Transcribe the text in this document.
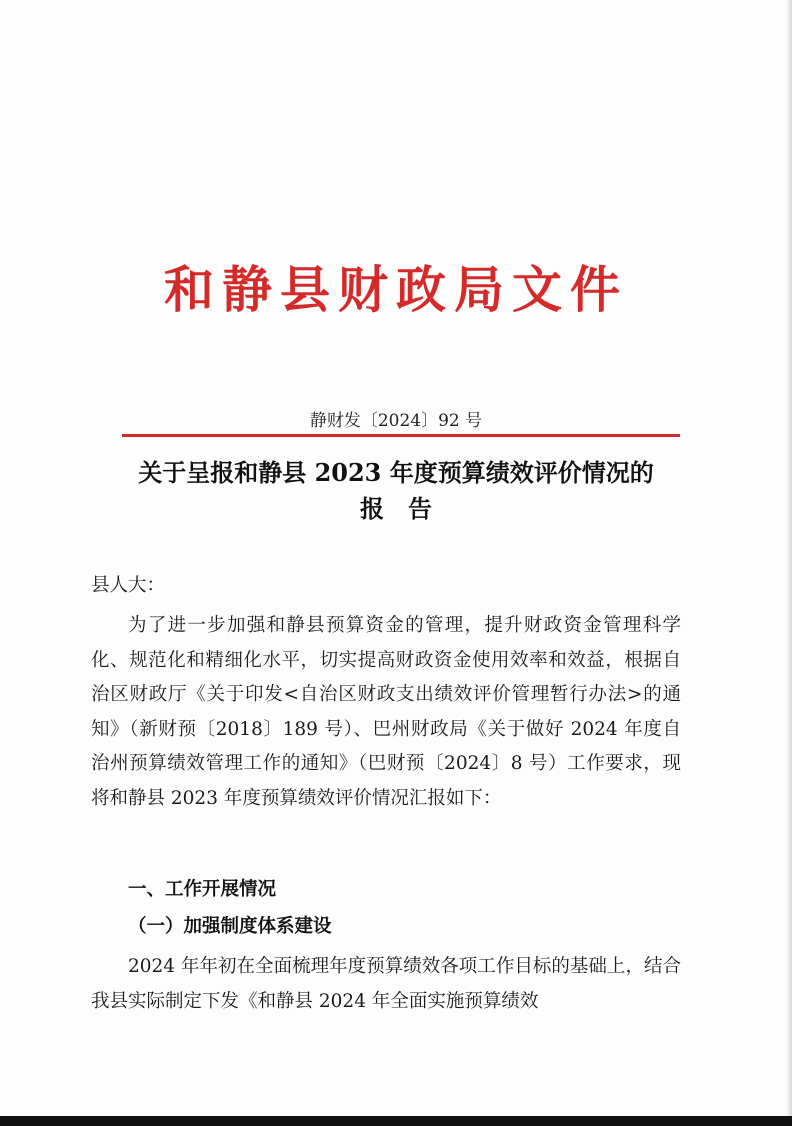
和静县财政局文件
静财发〔2024〕92 号
关于呈报和静县 2023 年度预算绩效评价情况的
报　告
县人大：
为了进一步加强和静县预算资金的管理，提升财政资金管理科学化、规范化和精细化水平，切实提高财政资金使用效率和效益，根据自治区财政厅《关于印发<自治区财政支出绩效评价管理暂行办法>的通知》（新财预〔2018〕189 号）、巴州财政局《关于做好 2024 年度自治州预算绩效管理工作的通知》（巴财预〔2024〕8 号）工作要求，现将和静县 2023 年度预算绩效评价情况汇报如下：
一、工作开展情况
（一）加强制度体系建设
2024 年年初在全面梳理年度预算绩效各项工作目标的基础上，结合我县实际制定下发《和静县 2024 年全面实施预算绩效
